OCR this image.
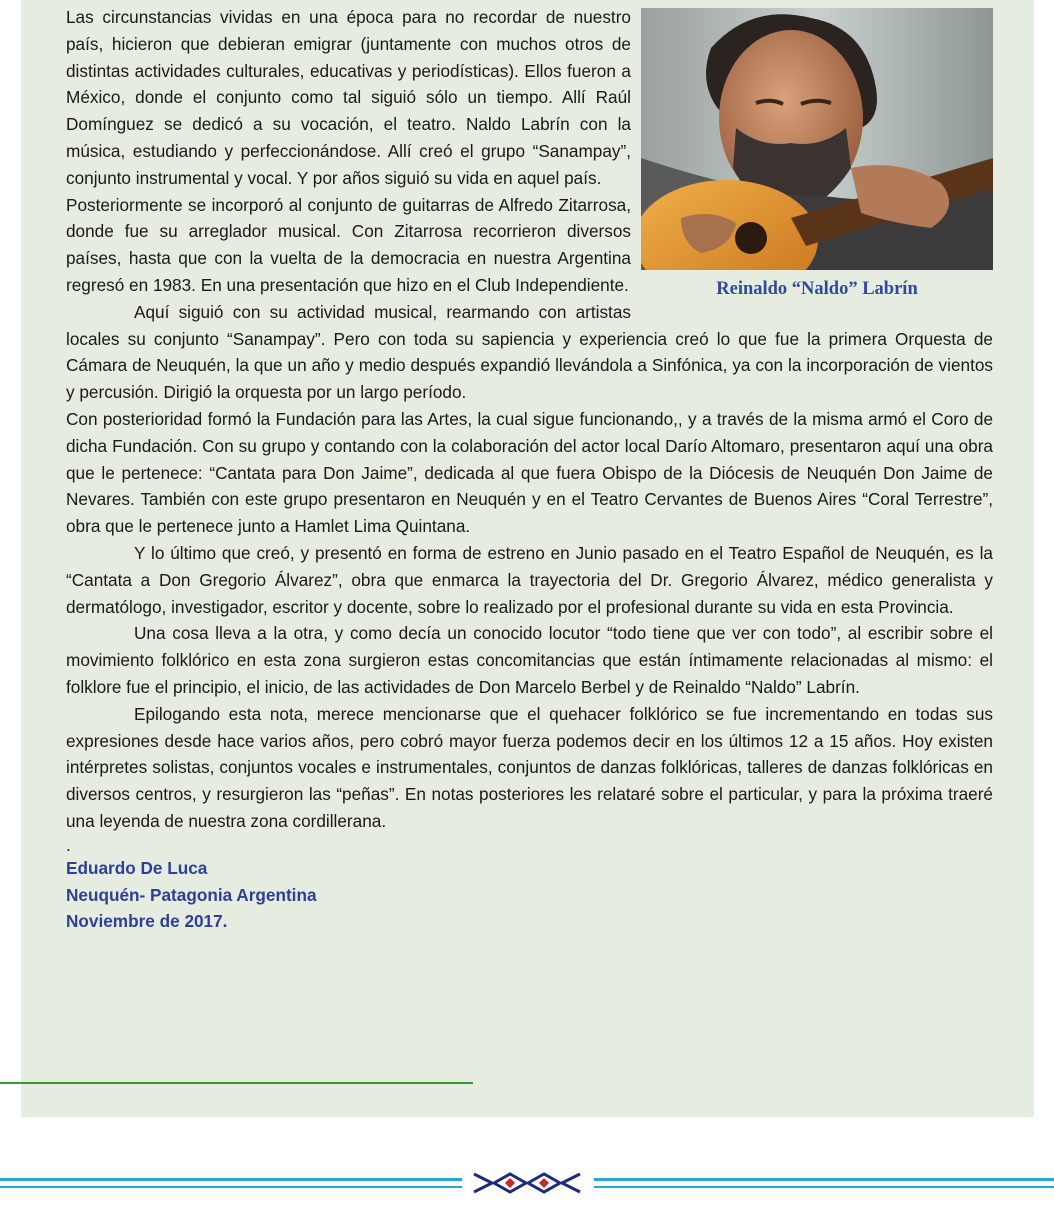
Reinaldo “Naldo” Labrín

Las circunstancias vividas en una época para no recordar de nuestro país, hicieron que debieran emigrar (juntamente con muchos otros de distintas actividades culturales, educativas y periodísticas). Ellos fueron a México, donde el conjunto como tal siguió sólo un tiempo. Allí Raúl Domínguez se dedicó a su vocación, el teatro. Naldo Labrín con la música, estudiando y perfeccionándose. Allí creó el grupo “Sanampay”, conjunto instrumental y vocal. Y por años siguió su vida en aquel país.

Posteriormente se incorporó al conjunto de guitarras de Alfredo Zitarrosa, donde fue su arreglador musical. Con Zitarrosa recorrieron diversos países, hasta que con la vuelta de la democracia en nuestra Argentina regresó en 1983. En una presentación que hizo en el Club Independiente.

Aquí siguió con su actividad musical, rearmando con artistas locales su conjunto “Sanampay”. Pero con toda su sapiencia y experiencia creó lo que fue la primera Orquesta de Cámara de Neuquén, la que un año y medio después expandió llevándola a Sinfónica, ya con la incorporación de vientos y percusión. Dirigió la orquesta por un largo período.

Con posterioridad formó la Fundación para las Artes, la cual sigue funcionando,, y a través de la misma armó el Coro de dicha Fundación. Con su grupo y contando con la colaboración del actor local Darío Altomaro, presentaron aquí una obra que le pertenece: “Cantata para Don Jaime”, dedicada al que fuera Obispo de la Diócesis de Neuquén Don Jaime de Nevares. También con este grupo presentaron en Neuquén y en el Teatro Cervantes de Buenos Aires “Coral Terrestre”, obra que le pertenece junto a Hamlet Lima Quintana.

Y lo último que creó, y presentó en forma de estreno en Junio pasado en el Teatro Español de Neuquén, es la “Cantata a Don Gregorio Álvarez”, obra que enmarca la trayectoria del Dr. Gregorio Álvarez, médico generalista y dermatólogo, investigador, escritor y docente, sobre lo realizado por el profesional durante su vida en esta Provincia.

Una cosa lleva a la otra, y como decía un conocido locutor “todo tiene que ver con todo”, al escribir sobre el movimiento folklórico en esta zona surgieron estas concomitancias que están íntimamente relacionadas al mismo: el folklore fue el principio, el inicio, de las actividades de Don Marcelo Berbel y de Reinaldo “Naldo” Labrín.

Epilogando esta nota, merece mencionarse que el quehacer folklórico se fue incrementando en todas sus expresiones desde hace varios años, pero cobró mayor fuerza podemos decir en los últimos 12 a 15 años. Hoy existen intérpretes solistas, conjuntos vocales e instrumentales, conjuntos de danzas folklóricas, talleres de danzas folklóricas en diversos centros, y resurgieron las “peñas”. En notas posteriores les relataré sobre el particular, y para la próxima traeré una leyenda de nuestra zona cordillerana.

.

Eduardo De Luca

Neuquén- Patagonia Argentina

Noviembre de 2017.
